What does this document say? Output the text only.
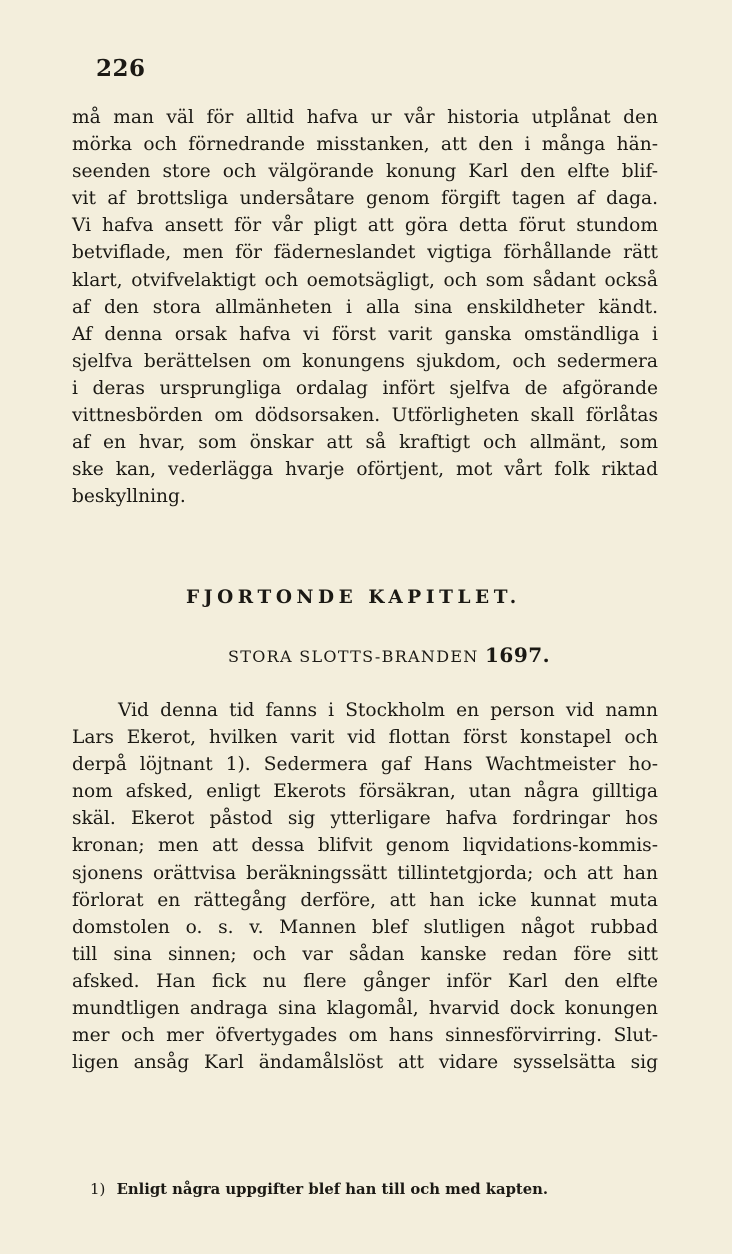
226
må man väl för alltid hafva ur vår historia utplånat den
mörka och förnedrande misstanken, att den i många hän-
seenden store och välgörande konung Karl den elfte blif-
vit af brottsliga undersåtare genom förgift tagen af daga.
Vi hafva ansett för vår pligt att göra detta förut stundom
betviflade, men för fäderneslandet vigtiga förhållande rätt
klart, otvifvelaktigt och oemotsägligt, och som sådant också
af den stora allmänheten i alla sina enskildheter kändt.
Af denna orsak hafva vi först varit ganska omständliga i
sjelfva berättelsen om konungens sjukdom, och sedermera
i deras ursprungliga ordalag infört sjelfva de afgörande
vittnesbörden om dödsorsaken. Utförligheten skall förlåtas
af en hvar, som önskar att så kraftigt och allmänt, som
ske kan, vederlägga hvarje oförtjent, mot vårt folk riktad
beskyllning.
FJORTONDE KAPITLET.
STORA SLOTTS-BRANDEN 1697.
Vid denna tid fanns i Stockholm en person vid namn
Lars Ekerot, hvilken varit vid flottan först konstapel och
derpå löjtnant 1). Sedermera gaf Hans Wachtmeister ho-
nom afsked, enligt Ekerots försäkran, utan några gilltiga
skäl. Ekerot påstod sig ytterligare hafva fordringar hos
kronan; men att dessa blifvit genom liqvidations-kommis-
sjonens orättvisa beräkningssätt tillintetgjorda; och att han
förlorat en rättegång derföre, att han icke kunnat muta
domstolen o. s. v. Mannen blef slutligen något rubbad
till sina sinnen; och var sådan kanske redan före sitt
afsked. Han fick nu flere gånger inför Karl den elfte
mundtligen andraga sina klagomål, hvarvid dock konungen
mer och mer öfvertygades om hans sinnesförvirring. Slut-
ligen ansåg Karl ändamålslöst att vidare sysselsätta sig
1) Enligt några uppgifter blef han till och med kapten.
